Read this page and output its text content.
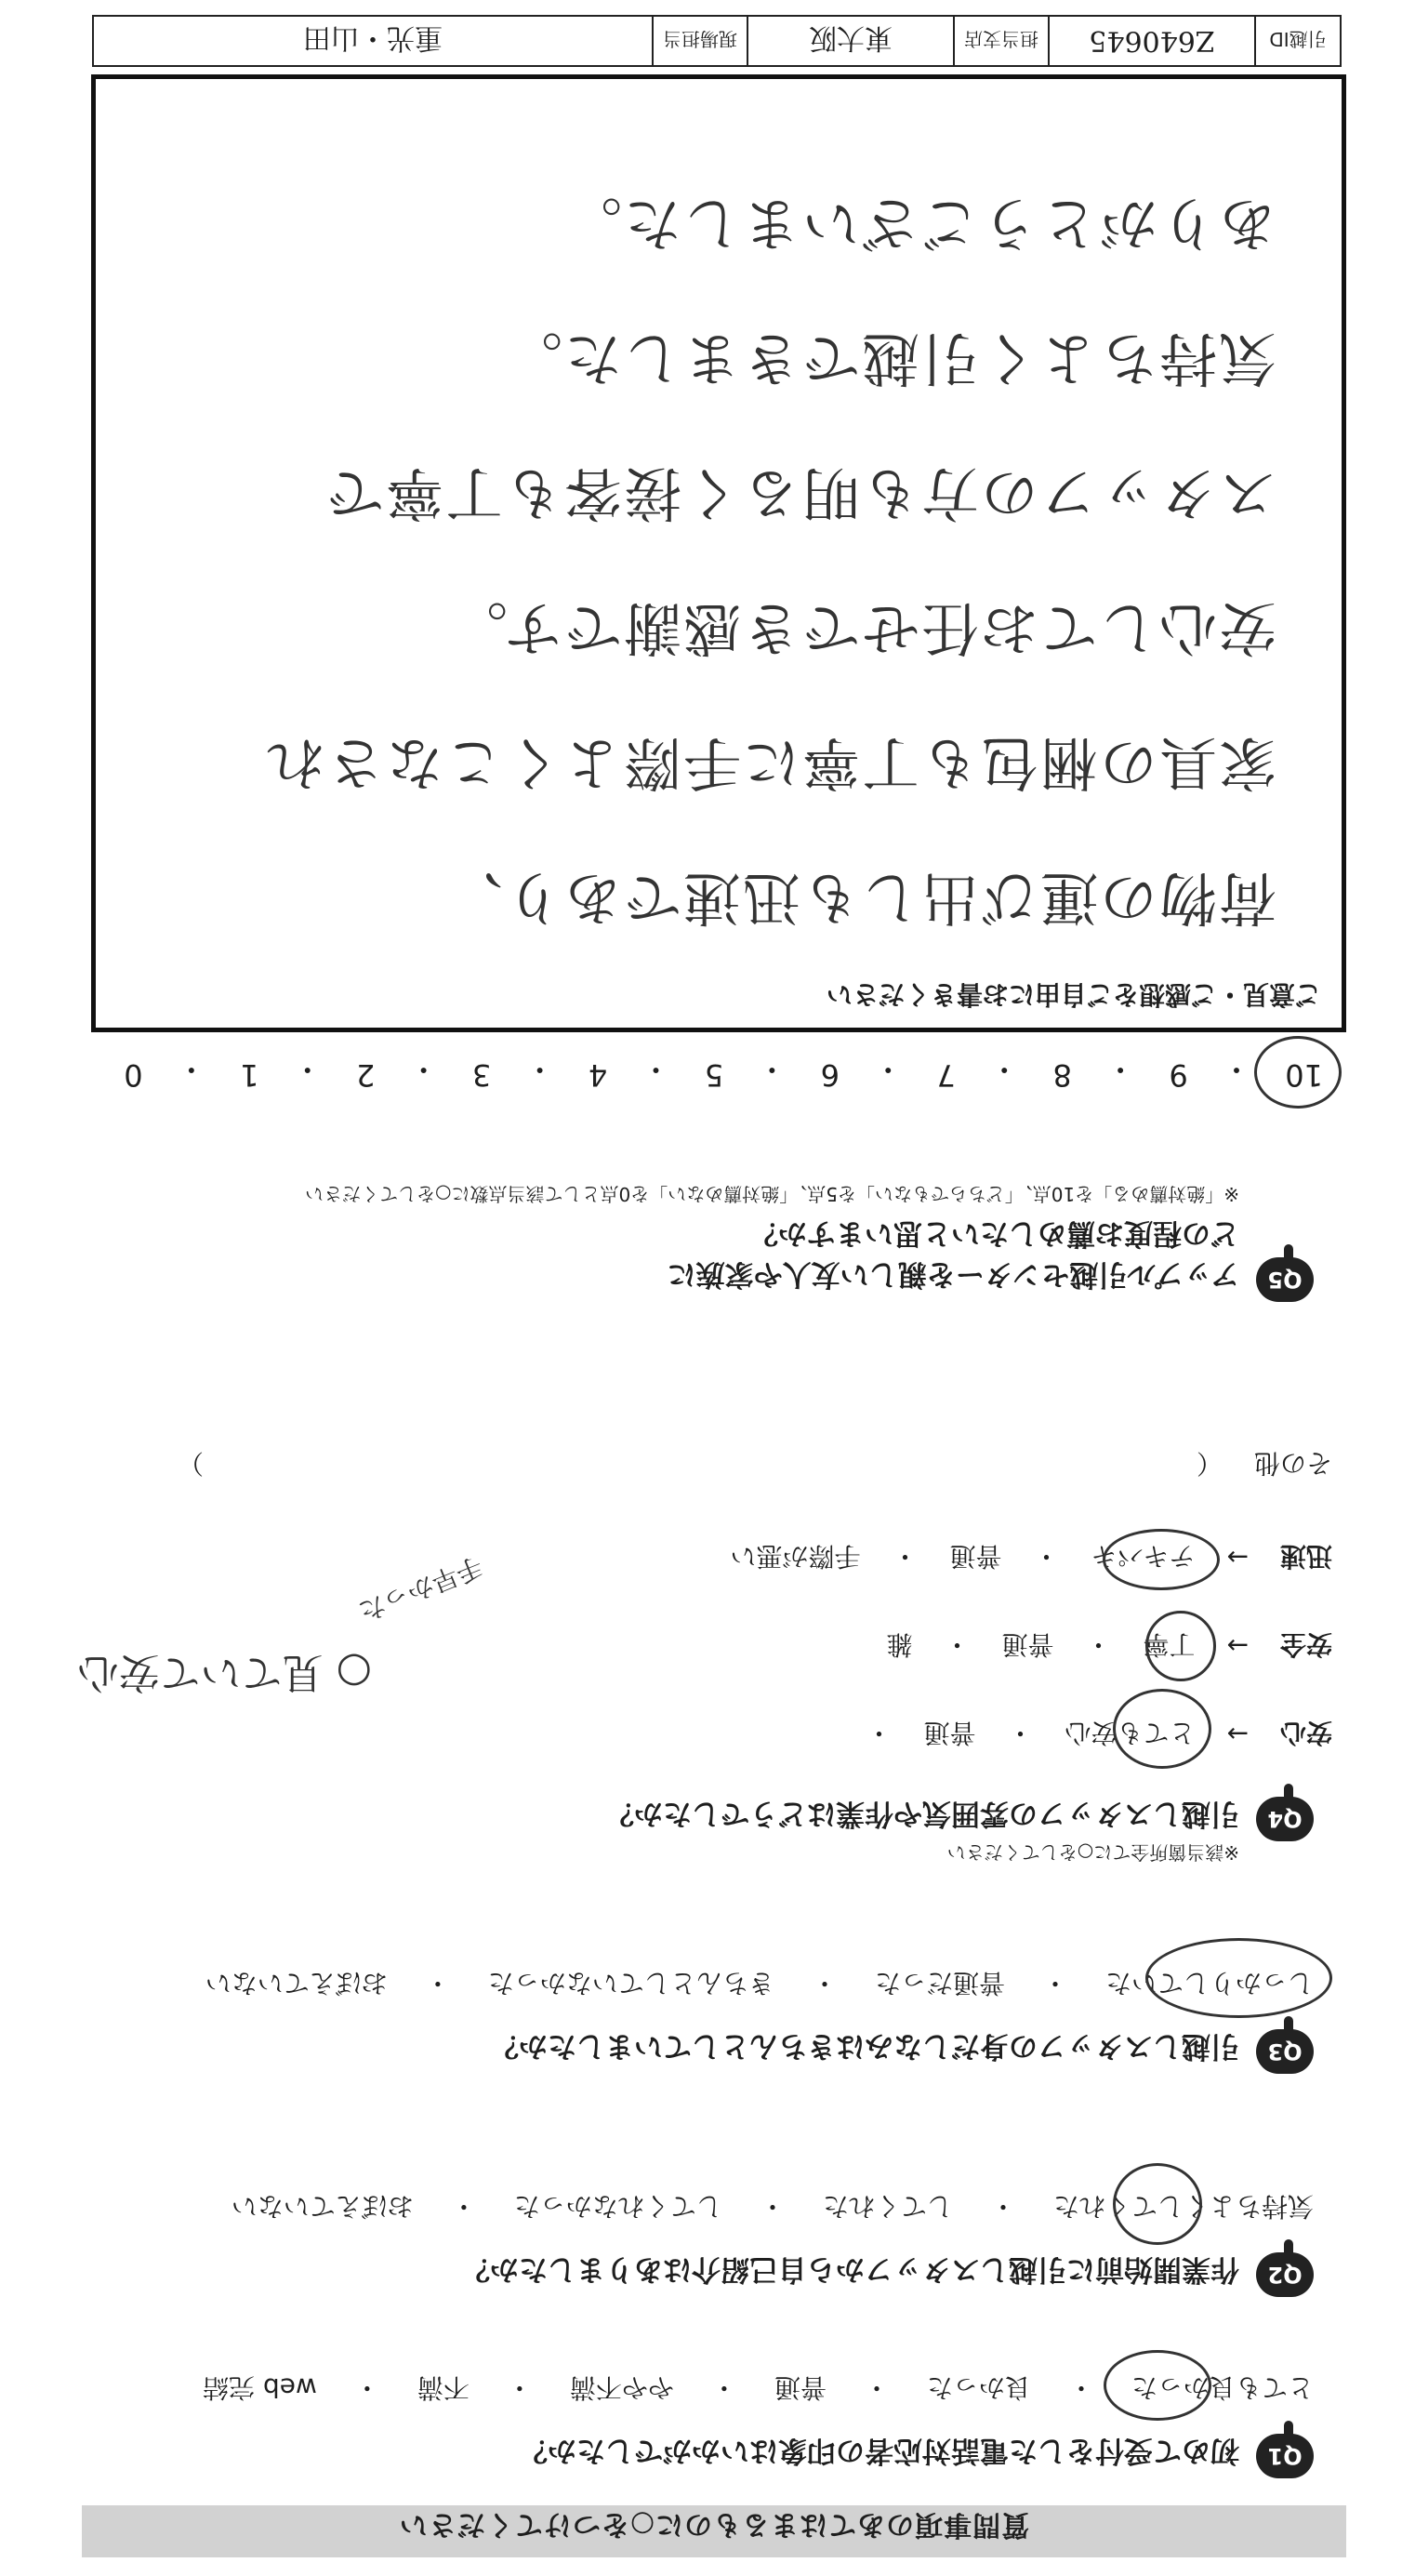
質問事項のあてはまるものに○をつけてください
Q1
初めて受付をした電話対応者の印象はいかがでしたか？
とても良かった
・
良かった
・
普通
・
やや不満
・
不満
・
web 完結
Q2
作業開始前に引越しスタッフから自己紹介はありましたか？
気持ちよくしてくれた
・
してくれた
・
してくれなかった
・
おぼえていない
Q3
引越しスタッフの身だしなみはきちんとしていましたか？
しっかりしていた
・
普通だった
・
きちんとしていなかった
・
おぼえていない
Q4
引越しスタッフの雰囲気や作業はどうでしたか？
※該当箇所全てに○をしてください
安心
→
とても安心
・
普通
・
安全
→
丁寧
・
普通
・
雑
迅速
→
テキパキ
・
普通
・
手際が悪い
その他
（
）
○ 見ていて安心
手早かった
Q5
アップル引越センターを親しい友人や家族に
どの程度お薦めしたいと思いますか？
※「絶対薦める」を10点、「どちらでもない」を5点、「絶対薦めない」を0点として該当点数に○をしてください
10
・
9
・
8
・
7
・
6
・
5
・
4
・
3
・
2
・
1
・
0
ご意見・ご感想をご自由にお書きください
荷物の運び出しも迅速であり、
家具の梱包も丁寧に手際よくこなされ
安心してお任せでき感謝です。
スタッフの方も明るく接客も丁寧で
気持ちよく引越できました。
ありがとうございました。
引越ID
Z640645
担当支店
東大阪
現場担当
重光・山田
